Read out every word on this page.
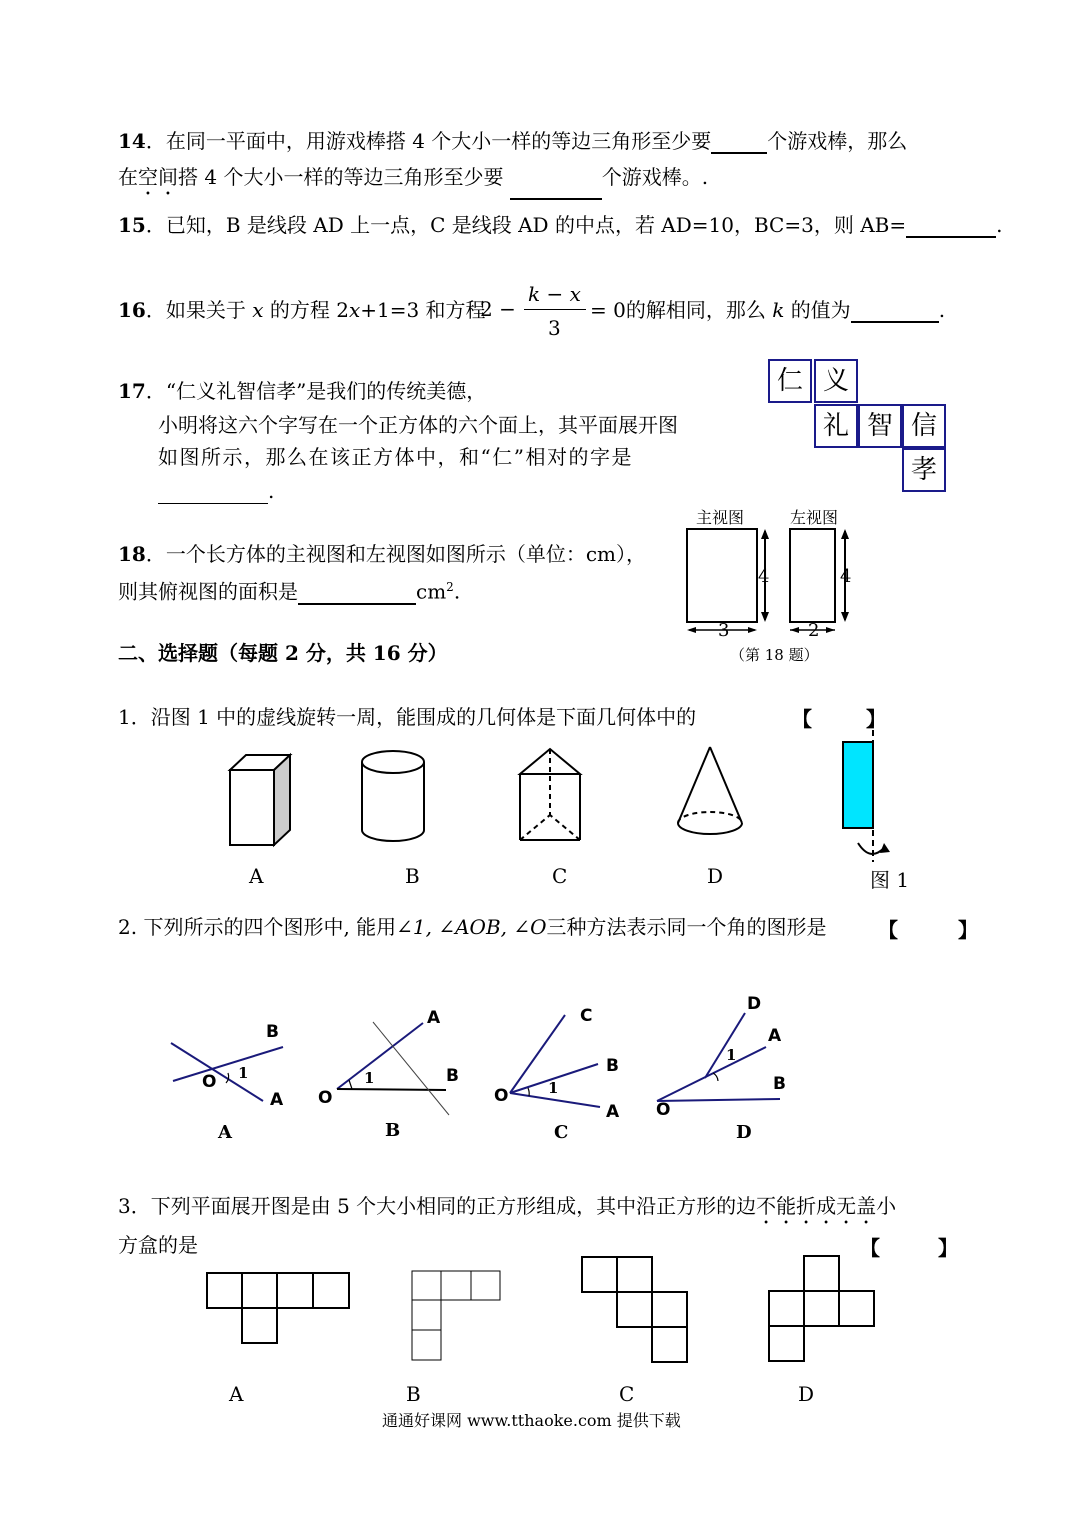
14．在同一平面中，用游戏棒搭 4 个大小一样的等边三角形至少要	个游戏棒，那么
在空间搭 4 个大小一样的等边三角形至少要	个游戏棒。.
15．已知，B 是线段 AD 上一点，C 是线段 AD 的中点，若 AD=10，BC=3，则 AB=	.
16．如果关于 x 的方程 2x+1=3 和方程
2 −
k − x
3
= 0的解相同，那么 k 的值为	.
17．“仁义礼智信孝”是我们的传统美德，
小明将这六个字写在一个正方体的六个面上，其平面展开图
如图所示，那么在该正方体中，和“仁”相对的字是
.
仁 义
礼 智 信
孝
18．一个长方体的主视图和左视图如图所示（单位：cm），
则其俯视图的面积是	$cm^2$.
主视图	左视图
4	4
3	2
（第 18 题）
二、选择题（每题 2 分，共 16 分）
1．沿图 1 中的虚线旋转一周，能围成的几何体是下面几何体中的	【	】
A	B	C	D	图 1
2. 下列所示的四个图形中, 能用∠1, ∠AOB, ∠O三种方法表示同一个角的图形是	【	】
B
O 1
A
A
O
1	B
C
B
O	1
A
D
A
1
B
O
A	B	C	D
3．下列平面展开图是由 5 个大小相同的正方形组成，其中沿正方形的边不能折成无盖小
方盒的是	【	】
A	B	C	D
通通好课网 www.tthaoke.com 提供下载
